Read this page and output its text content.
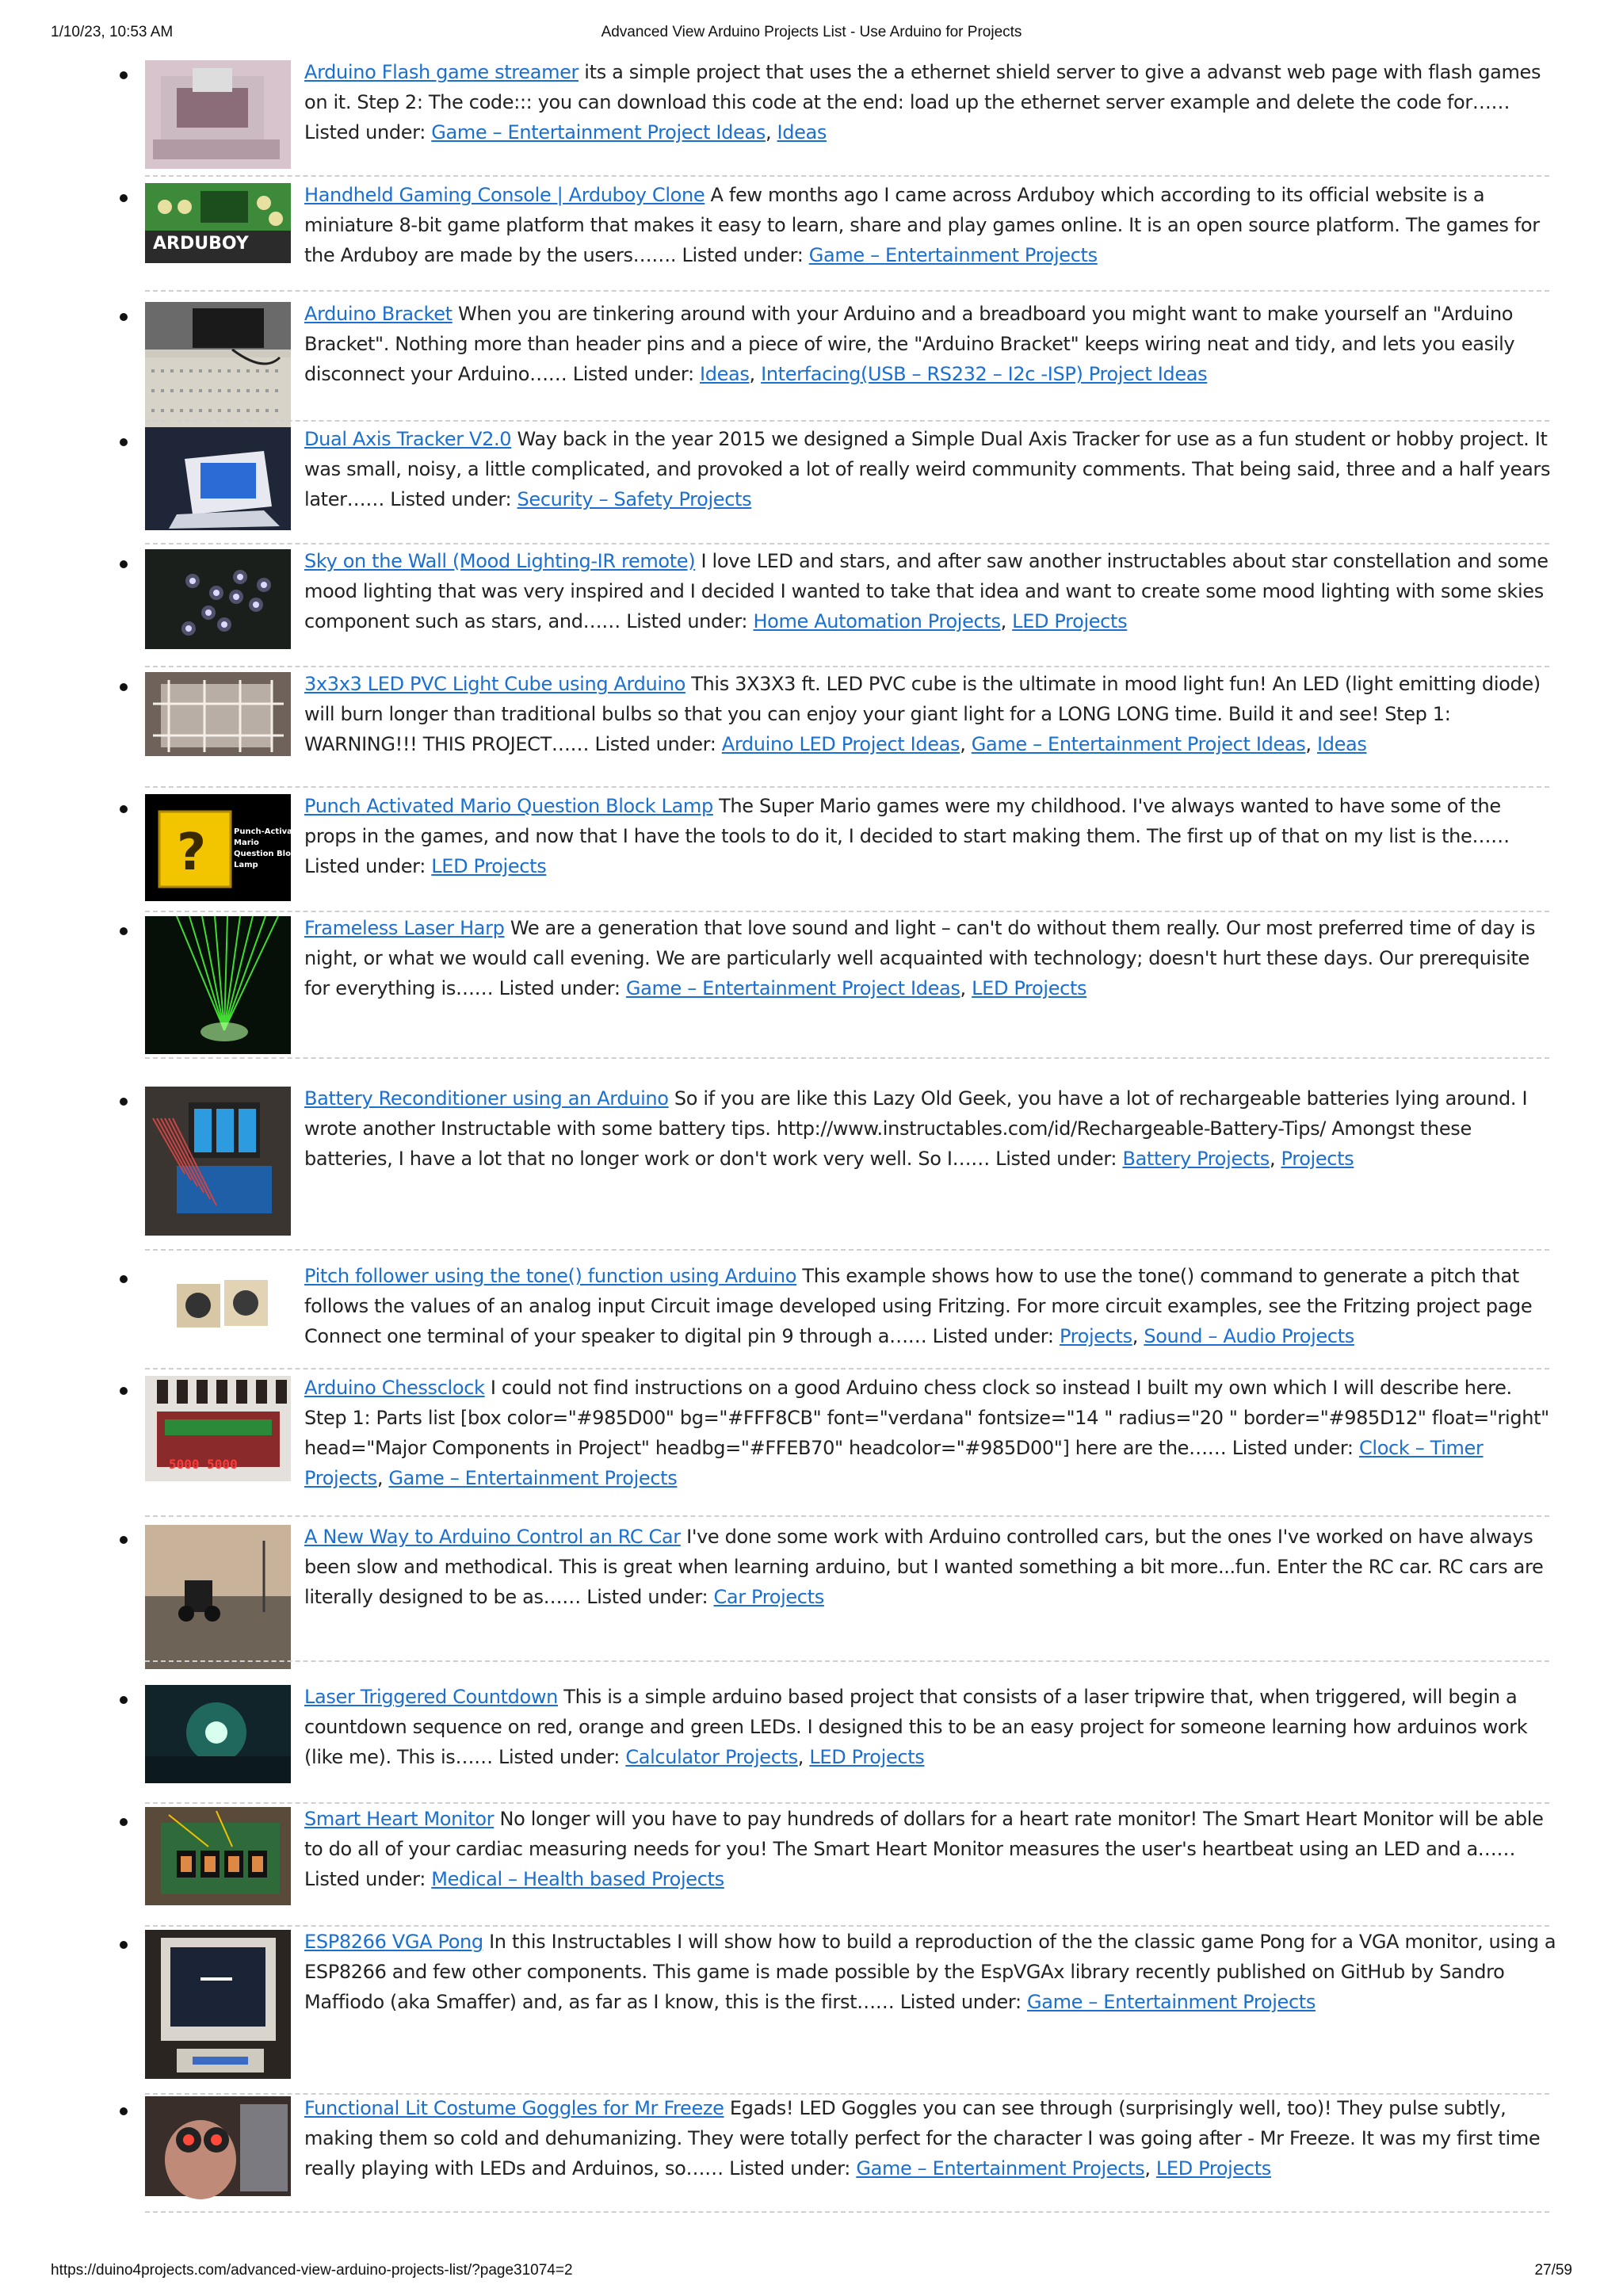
1/10/23, 10:53 AM	Advanced View Arduino Projects List - Use Arduino for Projects
Arduino Flash game streamer its a simple project that uses the a ethernet shield server to give a advanst web page with flash games on it. Step 2: The code::: you can download this code at the end: load up the ethernet server example and delete the code for…… Listed under: Game – Entertainment Project Ideas, Ideas
ARDUBOY
Handheld Gaming Console | Arduboy Clone A few months ago I came across Arduboy which according to its official website is a miniature 8-bit game platform that makes it easy to learn, share and play games online. It is an open source platform. The games for the Arduboy are made by the users……. Listed under: Game – Entertainment Projects
Arduino Bracket When you are tinkering around with your Arduino and a breadboard you might want to make yourself an "Arduino Bracket". Nothing more than header pins and a piece of wire, the "Arduino Bracket" keeps wiring neat and tidy, and lets you easily disconnect your Arduino…… Listed under: Ideas, Interfacing(USB – RS232 – I2c -ISP) Project Ideas
Dual Axis Tracker V2.0 Way back in the year 2015 we designed a Simple Dual Axis Tracker for use as a fun student or hobby project. It was small, noisy, a little complicated, and provoked a lot of really weird community comments. That being said, three and a half years later…… Listed under: Security – Safety Projects
Sky on the Wall (Mood Lighting-IR remote) I love LED and stars, and after saw another instructables about star constellation and some mood lighting that was very inspired and I decided I wanted to take that idea and want to create some mood lighting with some skies component such as stars, and…… Listed under: Home Automation Projects, LED Projects
3x3x3 LED PVC Light Cube using Arduino This 3X3X3 ft. LED PVC cube is the ultimate in mood light fun! An LED (light emitting diode) will burn longer than traditional bulbs so that you can enjoy your giant light for a LONG LONG time. Build it and see! Step 1: WARNING!!! THIS PROJECT…… Listed under: Arduino LED Project Ideas, Game – Entertainment Project Ideas, Ideas
?	Punch-Activated
Mario
Question Block
Lamp
Punch Activated Mario Question Block Lamp The Super Mario games were my childhood. I've always wanted to have some of the props in the games, and now that I have the tools to do it, I decided to start making them. The first up of that on my list is the…… Listed under: LED Projects
Frameless Laser Harp We are a generation that love sound and light – can't do without them really. Our most preferred time of day is night, or what we would call evening. We are particularly well acquainted with technology; doesn't hurt these days. Our prerequisite for everything is…… Listed under: Game – Entertainment Project Ideas, LED Projects
Battery Reconditioner using an Arduino So if you are like this Lazy Old Geek, you have a lot of rechargeable batteries lying around. I wrote another Instructable with some battery tips. http://www.instructables.com/id/Rechargeable-Battery-Tips/ Amongst these batteries, I have a lot that no longer work or don't work very well. So I…… Listed under: Battery Projects, Projects
Pitch follower using the tone() function using Arduino This example shows how to use the tone() command to generate a pitch that follows the values of an analog input Circuit image developed using Fritzing. For more circuit examples, see the Fritzing project page Connect one terminal of your speaker to digital pin 9 through a…… Listed under: Projects, Sound – Audio Projects
5000 5000
Arduino Chessclock I could not find instructions on a good Arduino chess clock so instead I built my own which I will describe here. Step 1: Parts list [box color="#985D00" bg="#FFF8CB" font="verdana" fontsize="14 " radius="20 " border="#985D12" float="right" head="Major Components in Project" headbg="#FFEB70" headcolor="#985D00"] here are the…… Listed under: Clock – Timer Projects, Game – Entertainment Projects
A New Way to Arduino Control an RC Car I've done some work with Arduino controlled cars, but the ones I've worked on have always been slow and methodical. This is great when learning arduino, but I wanted something a bit more...fun. Enter the RC car. RC cars are literally designed to be as…… Listed under: Car Projects
Laser Triggered Countdown This is a simple arduino based project that consists of a laser tripwire that, when triggered, will begin a countdown sequence on red, orange and green LEDs. I designed this to be an easy project for someone learning how arduinos work (like me). This is…… Listed under: Calculator Projects, LED Projects
Smart Heart Monitor No longer will you have to pay hundreds of dollars for a heart rate monitor! The Smart Heart Monitor will be able to do all of your cardiac measuring needs for you! The Smart Heart Monitor measures the user's heartbeat using an LED and a…… Listed under: Medical – Health based Projects
ESP8266 VGA Pong In this Instructables I will show how to build a reproduction of the the classic game Pong for a VGA monitor, using a ESP8266 and few other components. This game is made possible by the EspVGAx library recently published on GitHub by Sandro Maffiodo (aka Smaffer) and, as far as I know, this is the first…… Listed under: Game – Entertainment Projects
Functional Lit Costume Goggles for Mr Freeze Egads! LED Goggles you can see through (surprisingly well, too)! They pulse subtly, making them so cold and dehumanizing. They were totally perfect for the character I was going after - Mr Freeze. It was my first time really playing with LEDs and Arduinos, so…… Listed under: Game – Entertainment Projects, LED Projects
https://duino4projects.com/advanced-view-arduino-projects-list/?page31074=2	27/59
